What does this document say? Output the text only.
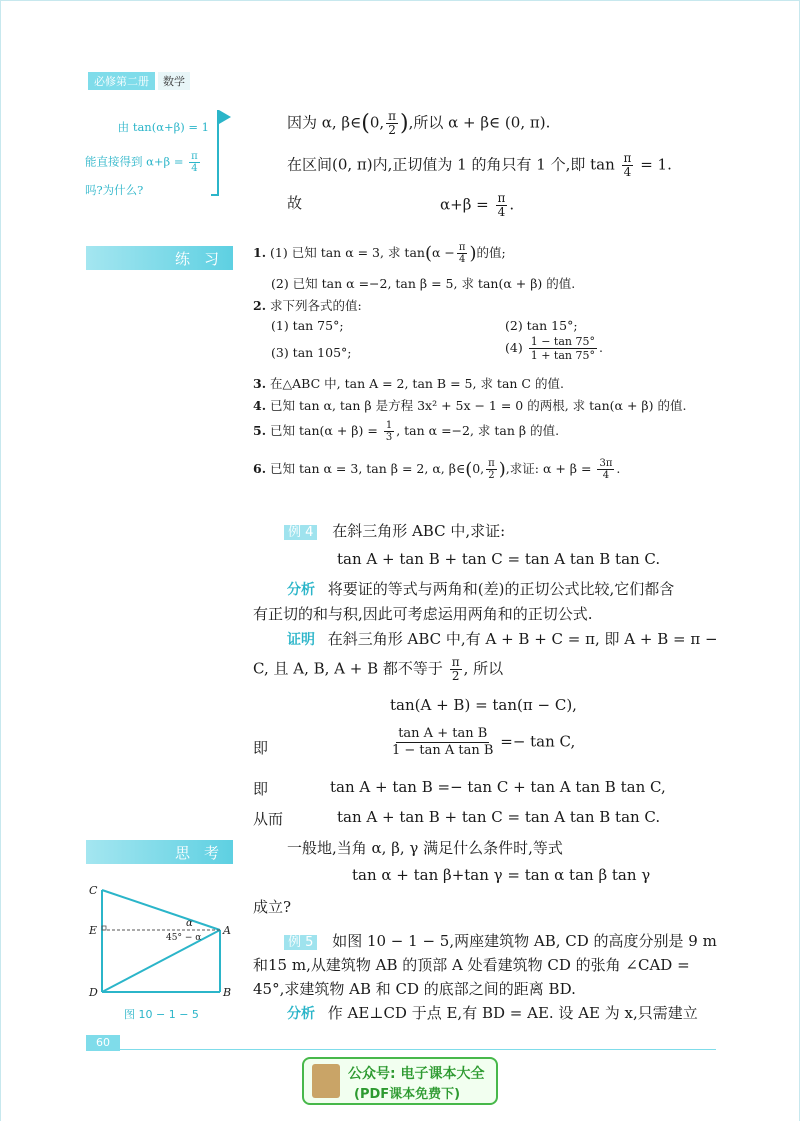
必修第二册	数学
由 tan(α+β) = 1
能直接得到 $\alpha+\beta = \frac{\pi}{4}$
吗?为什么?
因为 α, β∈(0, $\frac{\pi}{2}$ ),所以 α + β∈ (0, π).
在区间(0, π)内,正切值为 1 的角只有 1 个,即 $\tan \frac{\pi}{4} = 1$.
故	$\alpha+\beta = \frac{\pi}{4}$ .
练习 1. (1) 已知 tan α = 3, 求 $\tan(\alpha - \frac{\pi}{4}$ )的值;
(2) 已知 tan α =−2, tan β = 5, 求 tan(α + β) 的值.
2. 求下列各式的值:
(1) tan 75°;	(2) tan 15°;
(3) tan 105°;	$(4) \frac{1 - \tan 75^\circ}{1 + \tan 75^\circ}$ .
3. 在△ABC 中, tan A = 2, tan B = 5, 求 tan C 的值.
4. 已知 tan α, tan β 是方程 3x² + 5x − 1 = 0 的两根, 求 tan(α + β) 的值.
5. 已知 $\tan(\alpha + \beta) = \frac{1}{3}$ , tan α =−2, 求 tan β 的值.
6. 已知 tan α = 3, tan β = 2, α, β∈(0, $\frac{\pi}{2}$ ),求证: $\alpha + \beta = \frac{3\pi}{4}$ .
例 4 在斜三角形 ABC 中,求证:
tan A + tan B + tan C = tan A tan B tan C.
分析 将要证的等式与两角和(差)的正切公式比较,它们都含
有正切的和与积,因此可考虑运用两角和的正切公式.
证明 在斜三角形 ABC 中,有 A + B + C = π, 即 A + B = π −
C, 且 A, B, A + B 都不等于 $\frac{\pi}{2}$ , 所以
tan(A + B) = tan(π − C),
即	$\frac{\text{tan A + tan B}}{\text{1 − tan A tan B}} =- \tan C$,
即	tan A + tan B =− tan C + tan A tan B tan C,
从而	tan A + tan B + tan C = tan A tan B tan C.
思考	一般地,当角 α, β, γ 满足什么条件时,等式
tan α + tan β+tan γ = tan α tan β tan γ
成立?
例 5 如图 10 − 1 − 5,两座建筑物 AB, CD 的高度分别是 9 m
和15 m,从建筑物 AB 的顶部 A 处看建筑物 CD 的张角 ∠CAD =
45°,求建筑物 AB 和 CD 的底部之间的距离 BD.
分析 作 AE⊥CD 于点 E,有 BD = AE. 设 AE 为 x,只需建立
C
E
D
A
B
α
45° − α
图 10 − 1 − 5
60
公众号: 电子课本大全
(PDF课本免费下)
